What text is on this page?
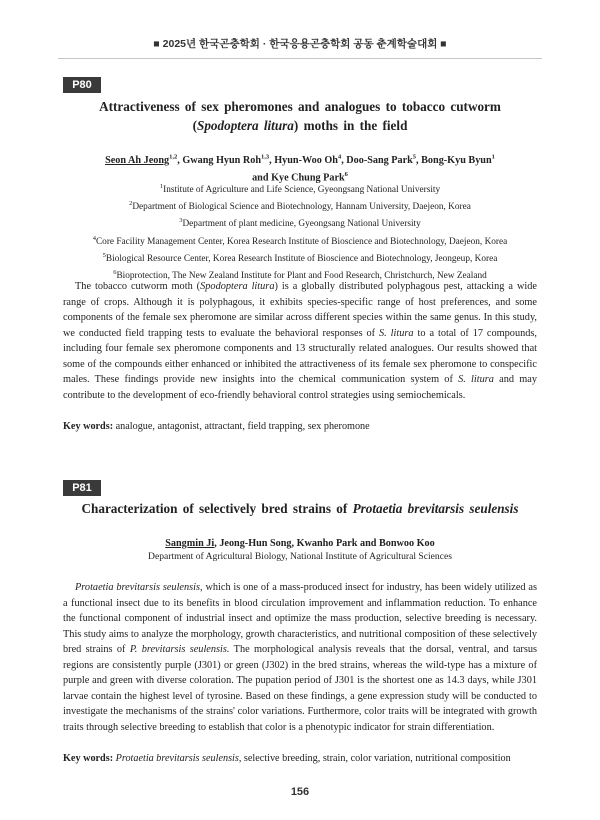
■ 2025년 한국곤충학회 · 한국응용곤충학회 공동 춘계학술대회 ■
P80
Attractiveness of sex pheromones and analogues to tobacco cutworm
(Spodoptera litura) moths in the field
Seon Ah Jeong$^{1,2}$, Gwang Hyun Roh$^{1,3}$, Hyun-Woo Oh$^4$, Doo-Sang Park$^5$, Bong-Kyu Byun$^1$
and Kye Chung Park$^6$
$^1$Institute of Agriculture and Life Science, Gyeongsang National University
$^2$Department of Biological Science and Biotechnology, Hannam University, Daejeon, Korea
$^3$Department of plant medicine, Gyeongsang National University
$^4$Core Facility Management Center, Korea Research Institute of Bioscience and Biotechnology, Daejeon, Korea
$^5$Biological Resource Center, Korea Research Institute of Bioscience and Biotechnology, Jeongeup, Korea
$^6$Bioprotection, The New Zealand Institute for Plant and Food Research, Christchurch, New Zealand

The tobacco cutworm moth (Spodoptera litura) is a globally distributed polyphagous pest, attacking a wide range of crops. Although it is polyphagous, it exhibits species-specific range of host preferences, and some components of the female sex pheromone are similar across different species within the same genus. In this study, we conducted field trapping tests to evaluate the behavioral responses of S. litura to a total of 17 compounds, including four female sex pheromone components and 13 structurally related analogues. Our results showed that some of the compounds either enhanced or inhibited the attractiveness of its female sex pheromone to conspecific males. These findings provide new insights into the chemical communication system of S. litura and may contribute to the development of eco-friendly behavioral control strategies using semiochemicals.

Key words: analogue, antagonist, attractant, field trapping, sex pheromone
P81
Characterization of selectively bred strains of Protaetia brevitarsis seulensis
Sangmin Ji, Jeong-Hun Song, Kwanho Park and Bonwoo Koo
Department of Agricultural Biology, National Institute of Agricultural Sciences

Protaetia brevitarsis seulensis, which is one of a mass-produced insect for industry, has been widely utilized as a functional insect due to its benefits in blood circulation improvement and inflammation reduction. To enhance the functional component of industrial insect and optimize the mass production, selective breeding is necessary. This study aims to analyze the morphology, growth characteristics, and nutritional composition of these selectively bred strains of P. brevitarsis seulensis. The morphological analysis reveals that the dorsal, ventral, and tarsus regions are consistently purple (J301) or green (J302) in the bred strains, whereas the wild-type has a mixture of purple and green with diverse coloration. The pupation period of J301 is the shortest one as 14.3 days, while J301 larvae contain the highest level of tyrosine. Based on these findings, a gene expression study will be conducted to investigate the mechanisms of the strains' color variations. Furthermore, color traits will be integrated with growth traits through selective breeding to establish that color is a phenotypic indicator for strain differentiation.

Key words: Protaetia brevitarsis seulensis, selective breeding, strain, color variation, nutritional composition
156
